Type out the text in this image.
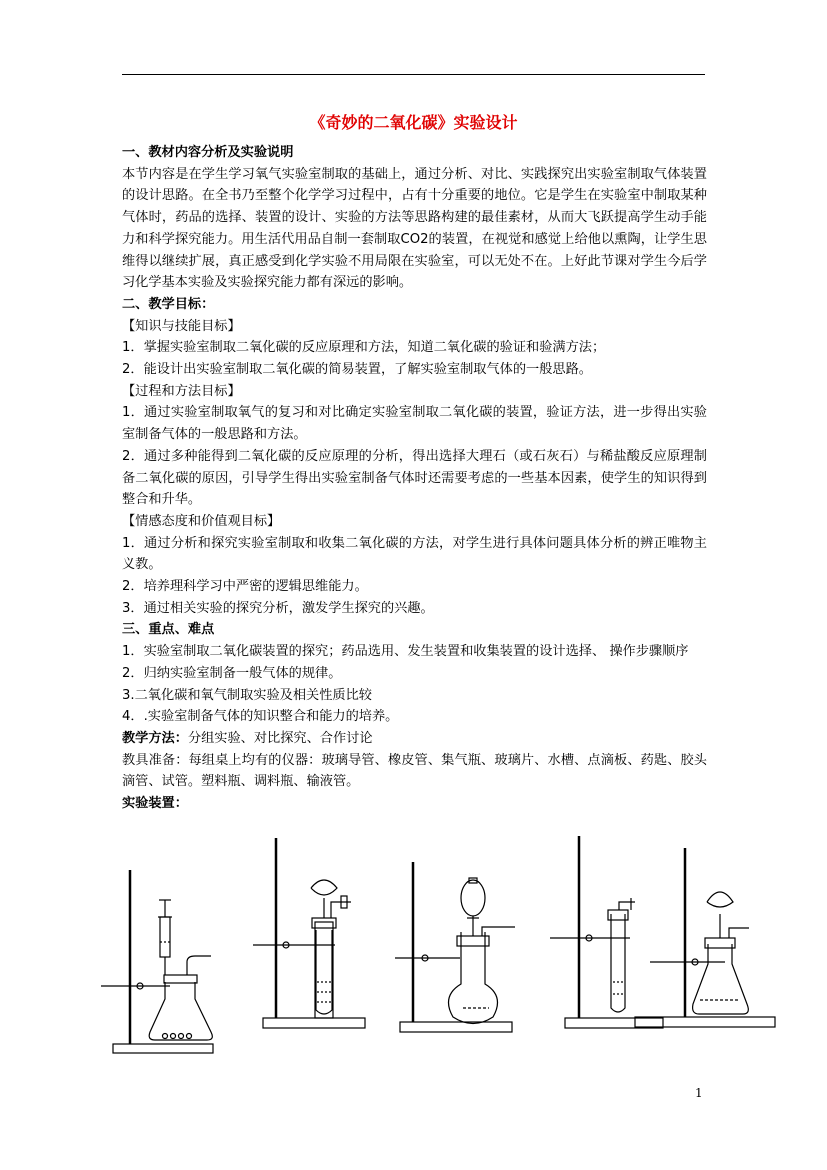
《奇妙的二氧化碳》实验设计

一、教材内容分析及实验说明

本节内容是在学生学习氧气实验室制取的基础上，通过分析、对比、实践探究出实验室制取气体装置的设计思路。在全书乃至整个化学学习过程中，占有十分重要的地位。它是学生在实验室中制取某种气体时，药品的选择、装置的设计、实验的方法等思路构建的最佳素材，从而大飞跃提高学生动手能力和科学探究能力。用生活代用品自制一套制取CO2的装置，在视觉和感觉上给他以熏陶，让学生思维得以继续扩展，真正感受到化学实验不用局限在实验室，可以无处不在。上好此节课对学生今后学习化学基本实验及实验探究能力都有深远的影响。

二、教学目标：

【知识与技能目标】

1．掌握实验室制取二氧化碳的反应原理和方法，知道二氧化碳的验证和验满方法；

2．能设计出实验室制取二氧化碳的简易装置，了解实验室制取气体的一般思路。

【过程和方法目标】

1．通过实验室制取氧气的复习和对比确定实验室制取二氧化碳的装置，验证方法，进一步得出实验室制备气体的一般思路和方法。

2．通过多种能得到二氧化碳的反应原理的分析，得出选择大理石（或石灰石）与稀盐酸反应原理制备二氧化碳的原因，引导学生得出实验室制备气体时还需要考虑的一些基本因素，使学生的知识得到整合和升华。

【情感态度和价值观目标】

1．通过分析和探究实验室制取和收集二氧化碳的方法，对学生进行具体问题具体分析的辨正唯物主义教。

2．培养理科学习中严密的逻辑思维能力。

3．通过相关实验的探究分析，激发学生探究的兴趣。

三、重点、难点

1．实验室制取二氧化碳装置的探究；药品选用、发生装置和收集装置的设计选择、 操作步骤顺序

2．归纳实验室制备一般气体的规律。

3.二氧化碳和氧气制取实验及相关性质比较

4．.实验室制备气体的知识整合和能力的培养。

教学方法：分组实验、对比探究、合作讨论

教具准备：每组桌上均有的仪器：玻璃导管、橡皮管、集气瓶、玻璃片、水槽、点滴板、药匙、胶头滴管、试管。塑料瓶、调料瓶、输液管。

实验装置：

1
